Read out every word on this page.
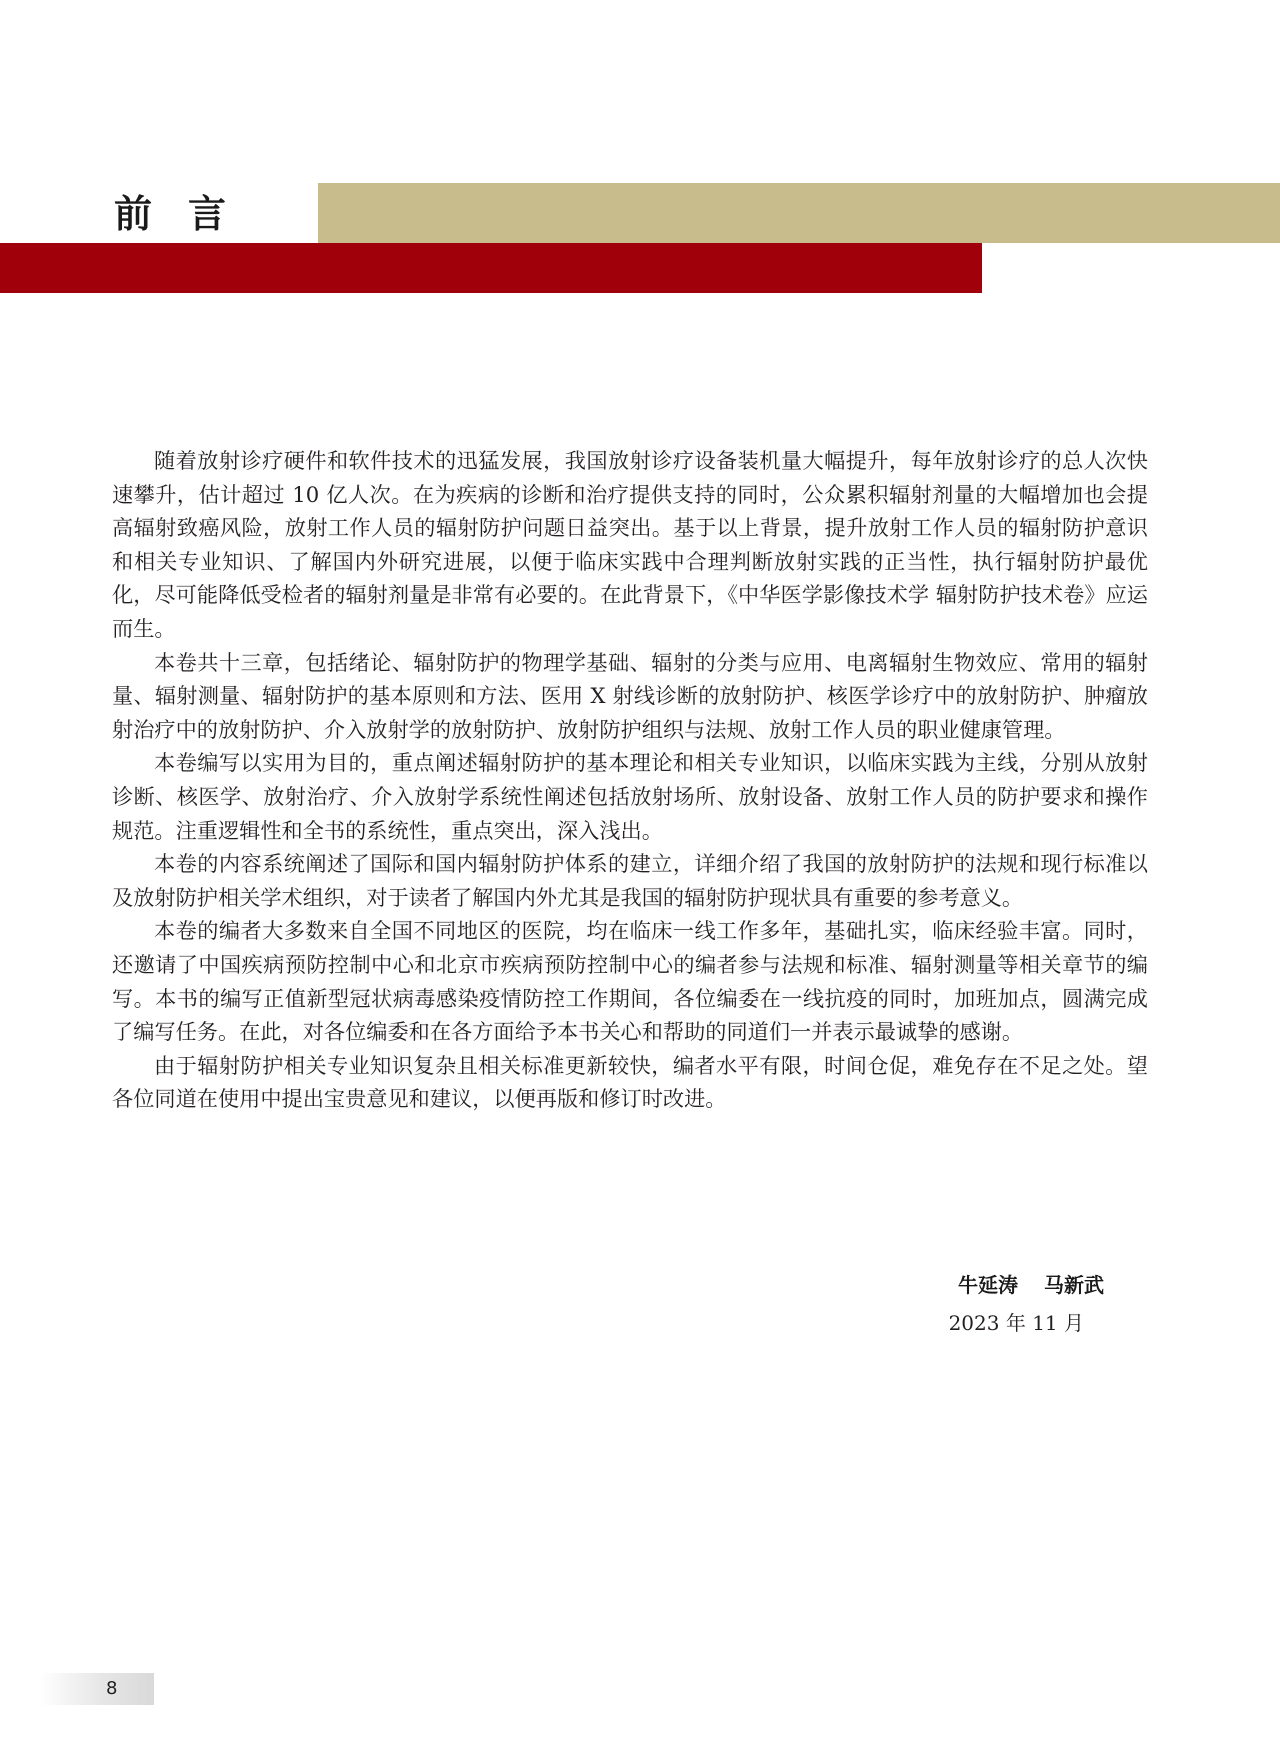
前言

随着放射诊疗硬件和软件技术的迅猛发展，我国放射诊疗设备装机量大幅提升，每年放射诊疗的总人次快速攀升，估计超过 10 亿人次。在为疾病的诊断和治疗提供支持的同时，公众累积辐射剂量的大幅增加也会提高辐射致癌风险，放射工作人员的辐射防护问题日益突出。基于以上背景，提升放射工作人员的辐射防护意识和相关专业知识、了解国内外研究进展，以便于临床实践中合理判断放射实践的正当性，执行辐射防护最优化，尽可能降低受检者的辐射剂量是非常有必要的。在此背景下，《中华医学影像技术学 辐射防护技术卷》应运而生。

本卷共十三章，包括绪论、辐射防护的物理学基础、辐射的分类与应用、电离辐射生物效应、常用的辐射量、辐射测量、辐射防护的基本原则和方法、医用 X 射线诊断的放射防护、核医学诊疗中的放射防护、肿瘤放射治疗中的放射防护、介入放射学的放射防护、放射防护组织与法规、放射工作人员的职业健康管理。

本卷编写以实用为目的，重点阐述辐射防护的基本理论和相关专业知识，以临床实践为主线，分别从放射诊断、核医学、放射治疗、介入放射学系统性阐述包括放射场所、放射设备、放射工作人员的防护要求和操作规范。注重逻辑性和全书的系统性，重点突出，深入浅出。

本卷的内容系统阐述了国际和国内辐射防护体系的建立，详细介绍了我国的放射防护的法规和现行标准以及放射防护相关学术组织，对于读者了解国内外尤其是我国的辐射防护现状具有重要的参考意义。

本卷的编者大多数来自全国不同地区的医院，均在临床一线工作多年，基础扎实，临床经验丰富。同时，还邀请了中国疾病预防控制中心和北京市疾病预防控制中心的编者参与法规和标准、辐射测量等相关章节的编写。本书的编写正值新型冠状病毒感染疫情防控工作期间，各位编委在一线抗疫的同时，加班加点，圆满完成了编写任务。在此，对各位编委和在各方面给予本书关心和帮助的同道们一并表示最诚挚的感谢。

由于辐射防护相关专业知识复杂且相关标准更新较快，编者水平有限，时间仓促，难免存在不足之处。望各位同道在使用中提出宝贵意见和建议，以便再版和修订时改进。

牛延涛 马新武
2023 年 11 月
8
